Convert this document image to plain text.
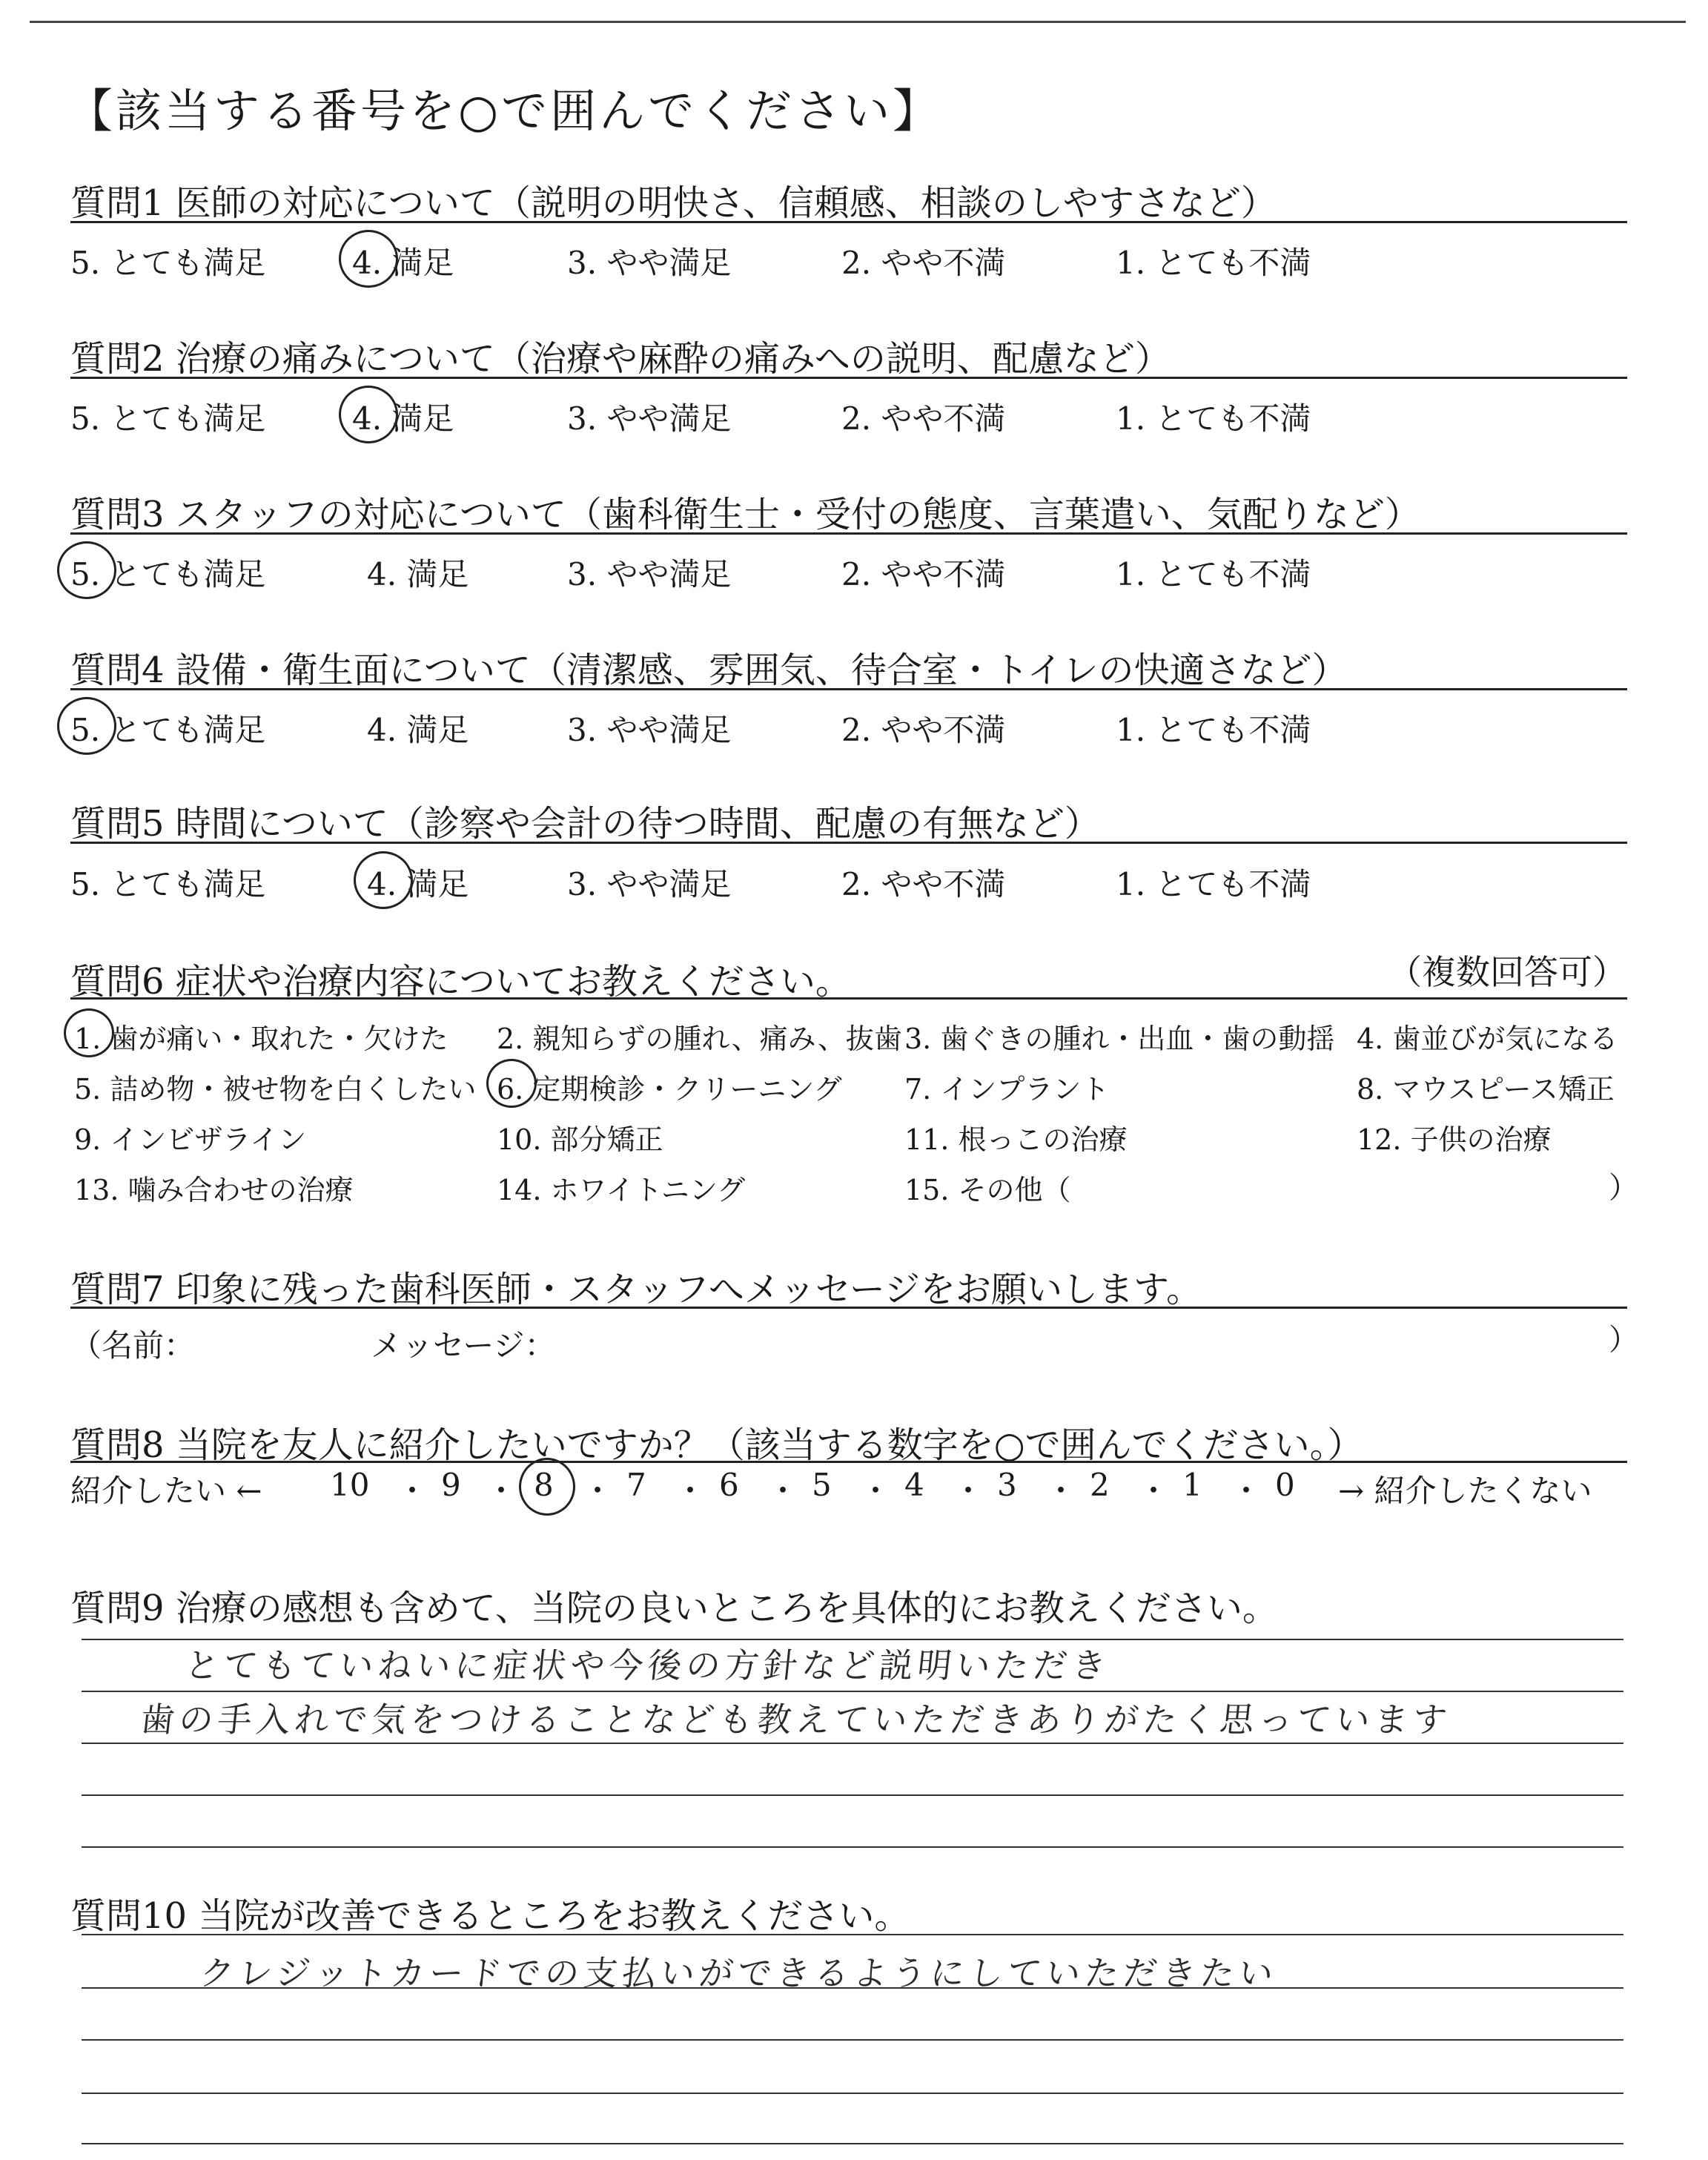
【該当する番号を○で囲んでください】
質問1 医師の対応について（説明の明快さ、信頼感、相談のしやすさなど）
5. とても満足	4. 満足	3. やや満足	2. やや不満	1. とても不満
質問2 治療の痛みについて（治療や麻酔の痛みへの説明、配慮など）
5. とても満足	4. 満足	3. やや満足	2. やや不満	1. とても不満
質問3 スタッフの対応について（歯科衛生士・受付の態度、言葉遣い、気配りなど）
5. とても満足	4. 満足	3. やや満足	2. やや不満	1. とても不満
質問4 設備・衛生面について（清潔感、雰囲気、待合室・トイレの快適さなど）
5. とても満足	4. 満足	3. やや満足	2. やや不満	1. とても不満
質問5 時間について（診察や会計の待つ時間、配慮の有無など）
5. とても満足	4. 満足	3. やや満足	2. やや不満	1. とても不満
質問6 症状や治療内容についてお教えください。	（複数回答可）
1. 歯が痛い・取れた・欠けた 2. 親知らずの腫れ、痛み、抜歯 3. 歯ぐきの腫れ・出血・歯の動揺 4. 歯並びが気になる
5. 詰め物・被せ物を白くしたい 6. 定期検診・クリーニング 7. インプラント	8. マウスピース矯正
9. インビザライン	10. 部分矯正	11. 根っこの治療	12. 子供の治療
13. 噛み合わせの治療	14. ホワイトニング	15. その他（	）
質問7 印象に残った歯科医師・スタッフへメッセージをお願いします。
（名前：	メッセージ：	）
質問8 当院を友人に紹介したいですか？（該当する数字を○で囲んでください。）
紹介したい ← 10 ・ 9 ・ 8 ・ 7 ・ 6 ・ 5 ・ 4 ・ 3 ・ 2 ・ 1 ・ 0 → 紹介したくない
質問9 治療の感想も含めて、当院の良いところを具体的にお教えください。
とてもていねいに症状や今後の方針など説明いただき
歯の手入れで気をつけることなども教えていただきありがたく思っています
質問10 当院が改善できるところをお教えください。
クレジットカードでの支払いができるようにしていただきたい
